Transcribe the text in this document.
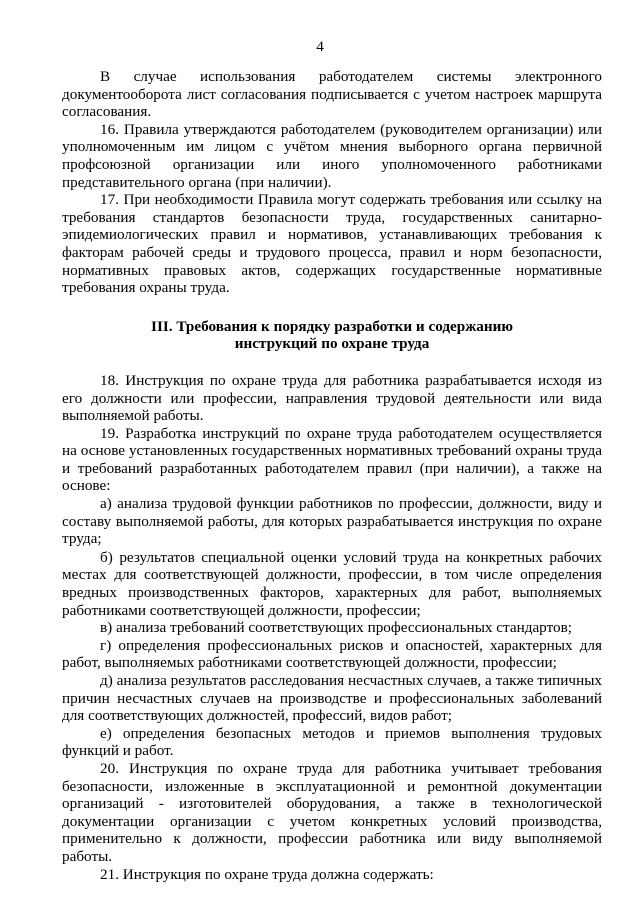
4

В случае использования работодателем системы электронного документооборота лист согласования подписывается с учетом настроек маршрута согласования.

16. Правила утверждаются работодателем (руководителем организации) или уполномоченным им лицом с учётом мнения выборного органа первичной профсоюзной организации или иного уполномоченного работниками представительного органа (при наличии).

17. При необходимости Правила могут содержать требования или ссылку на требования стандартов безопасности труда, государственных санитарно-эпидемиологических правил и нормативов, устанавливающих требования к факторам рабочей среды и трудового процесса, правил и норм безопасности, нормативных правовых актов, содержащих государственные нормативные требования охраны труда.

III. Требования к порядку разработки и содержанию
инструкций по охране труда

18. Инструкция по охране труда для работника разрабатывается исходя из его должности или профессии, направления трудовой деятельности или вида выполняемой работы.

19. Разработка инструкций по охране труда работодателем осуществляется на основе установленных государственных нормативных требований охраны труда и требований разработанных работодателем правил (при наличии), а также на основе:

а) анализа трудовой функции работников по профессии, должности, виду и составу выполняемой работы, для которых разрабатывается инструкция по охране труда;

б) результатов специальной оценки условий труда на конкретных рабочих местах для соответствующей должности, профессии, в том числе определения вредных производственных факторов, характерных для работ, выполняемых работниками соответствующей должности, профессии;

в) анализа требований соответствующих профессиональных стандартов;

г) определения профессиональных рисков и опасностей, характерных для работ, выполняемых работниками соответствующей должности, профессии;

д) анализа результатов расследования несчастных случаев, а также типичных причин несчастных случаев на производстве и профессиональных заболеваний для соответствующих должностей, профессий, видов работ;

е) определения безопасных методов и приемов выполнения трудовых функций и работ.

20. Инструкция по охране труда для работника учитывает требования безопасности, изложенные в эксплуатационной и ремонтной документации организаций - изготовителей оборудования, а также в технологической документации организации с учетом конкретных условий производства, применительно к должности, профессии работника или виду выполняемой работы.

21. Инструкция по охране труда должна содержать:
